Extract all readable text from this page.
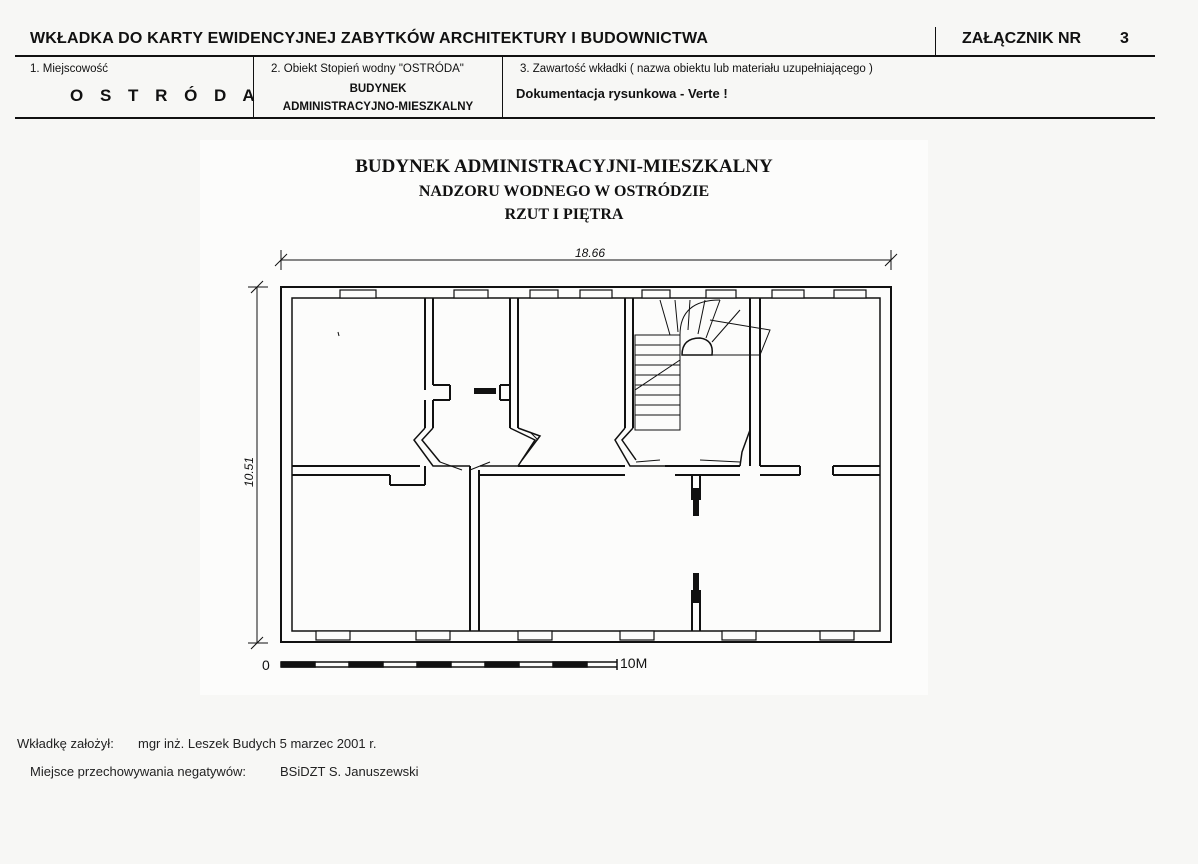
WKŁADKA DO KARTY EWIDENCYJNEJ ZABYTKÓW ARCHITEKTURY I BUDOWNICTWA	ZAŁĄCZNIK NR 3
1. Miejscowość
O S T R Ó D A
2. Obiekt Stopień wodny "OSTRÓDA"
BUDYNEK
ADMINISTRACYJNO-MIESZKALNY
3. Zawartość wkładki ( nazwa obiektu lub materiału uzupełniającego )
Dokumentacja rysunkowa - Verte !
BUDYNEK ADMINISTRACYJNI-MIESZKALNY
NADZORU WODNEGO W OSTRÓDZIE
RZUT I PIĘTRA
18.66
10.51
0	10M
Wkładkę założył: mgr inż. Leszek Budych 5 marzec 2001 r.
Miejsce przechowywania negatywów:	BSiDZT S. Januszewski
